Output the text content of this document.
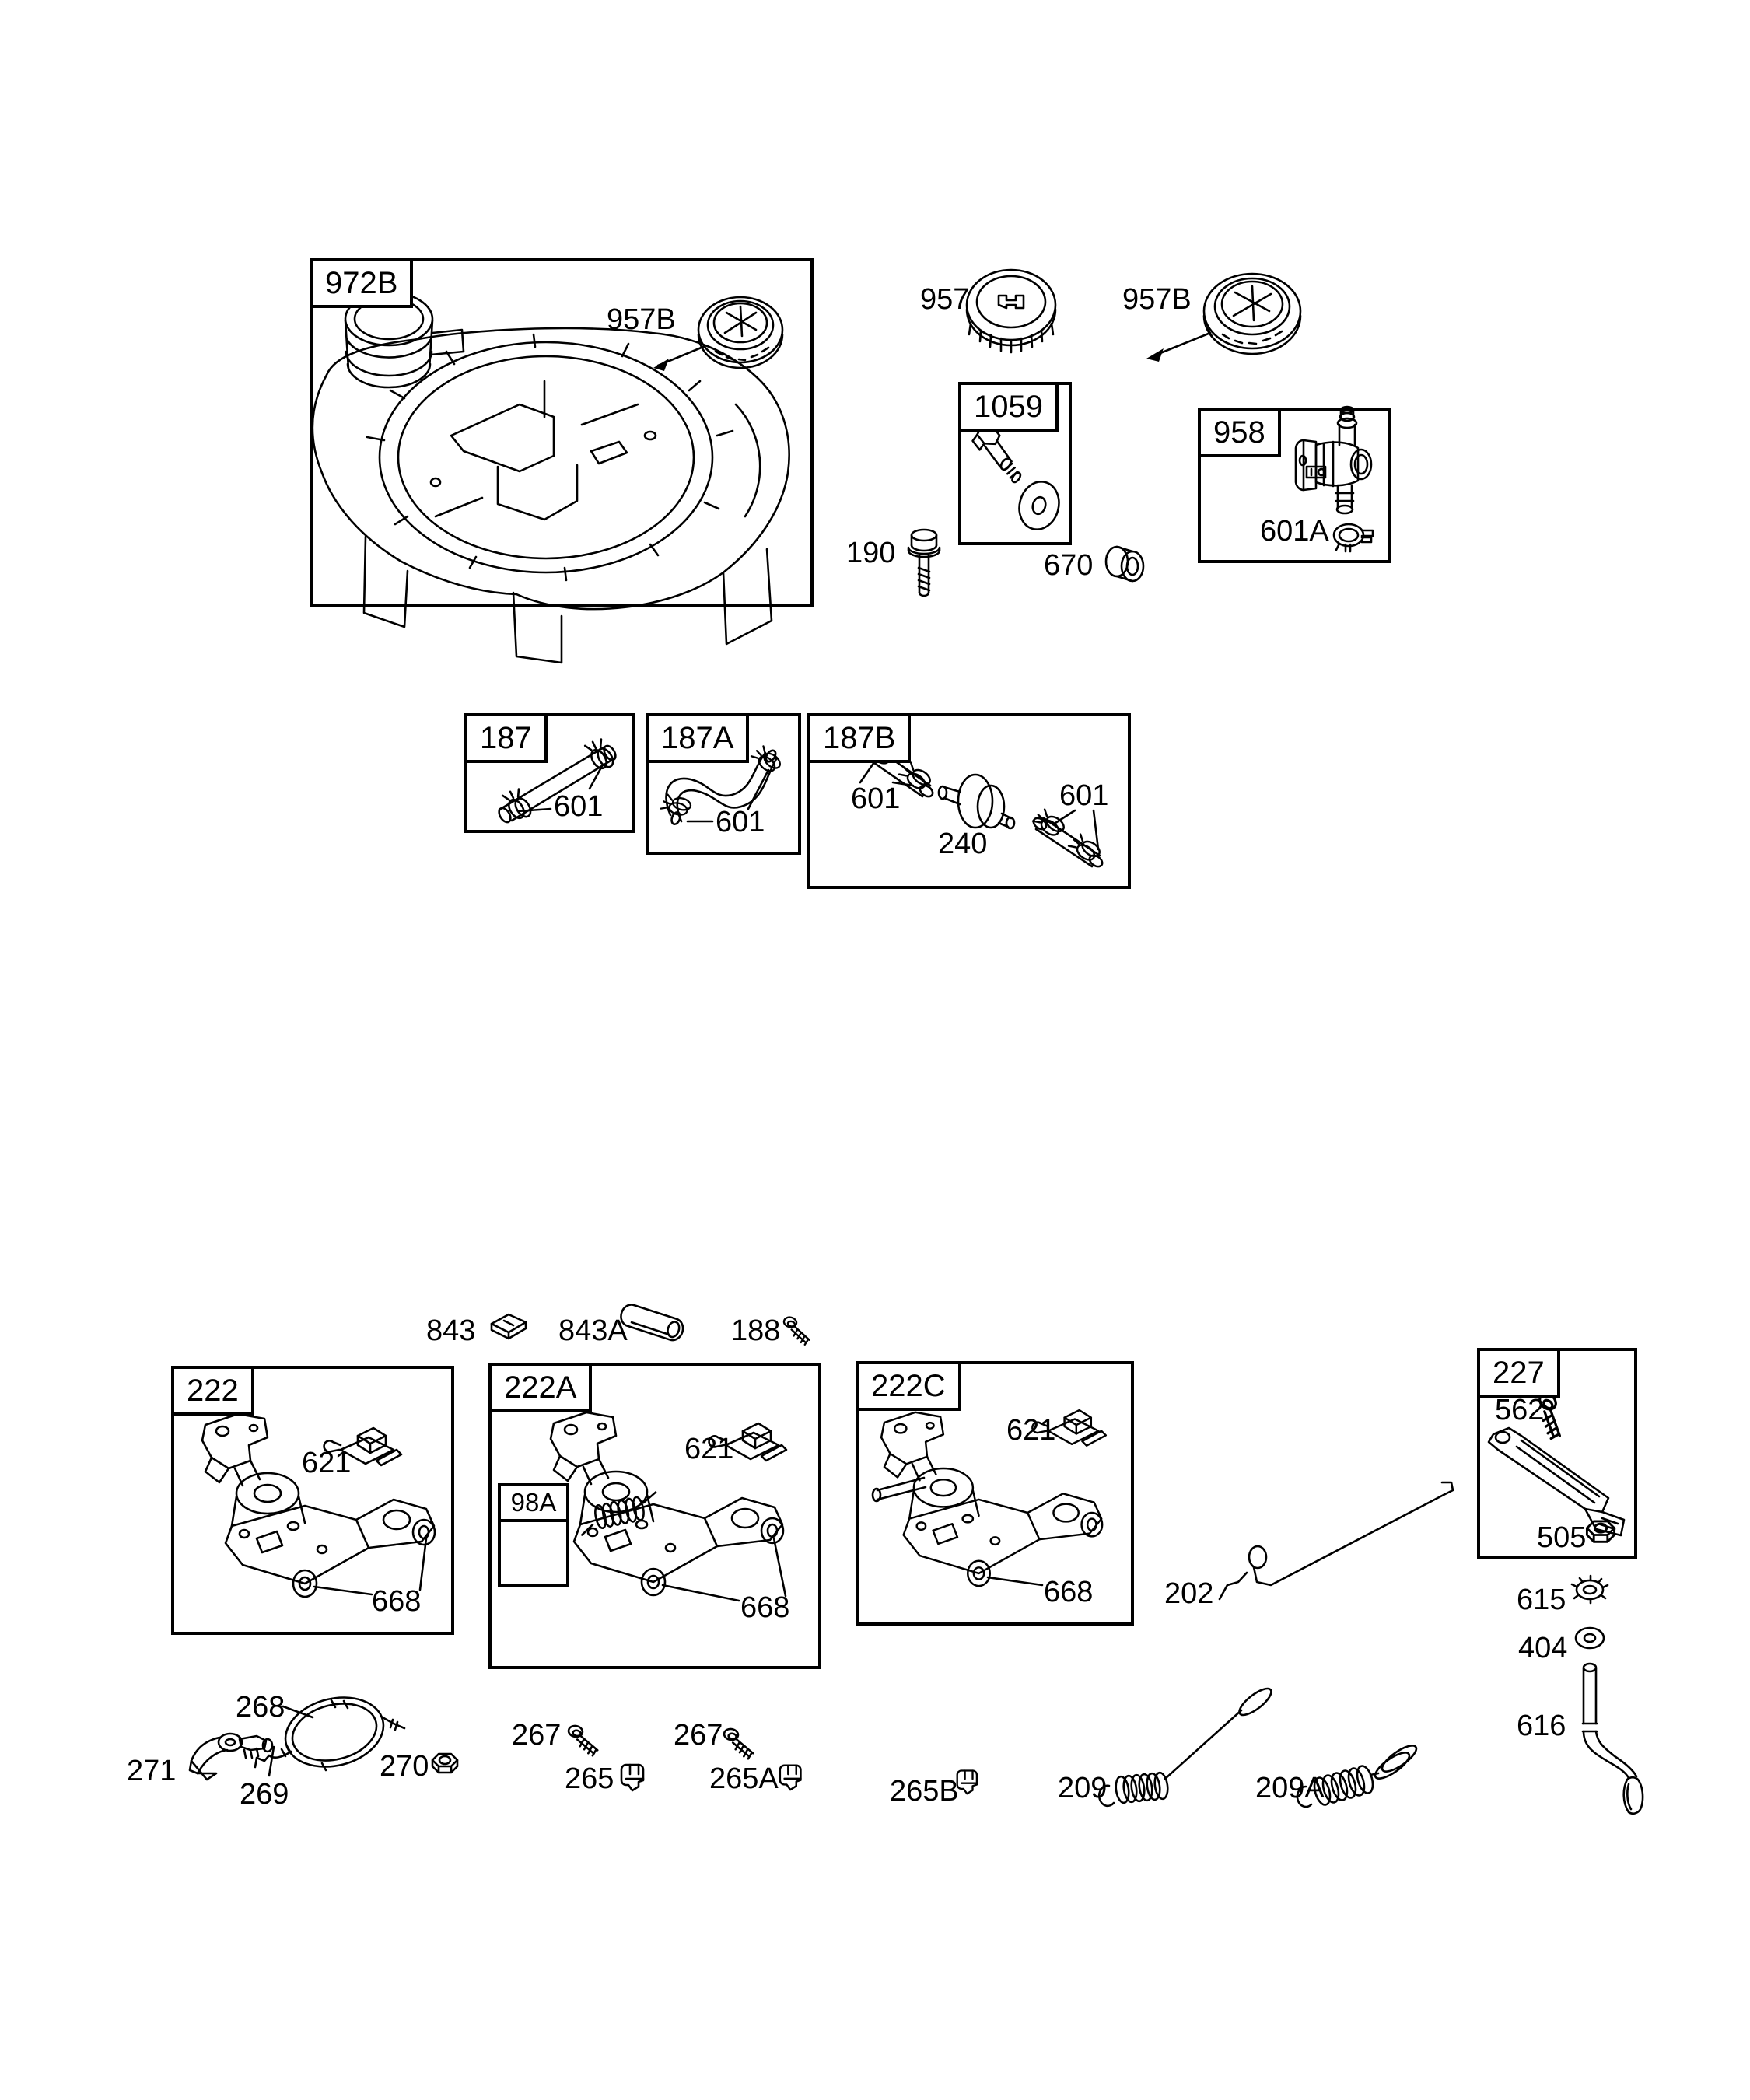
972B
1059
958
187	187A	187B
222	222A
98A
222C	227
957B
957	957B
190	670
601A
601	601
601	601
240
843	843A	188
621
668
621
668
621
668
562
505
202	615
404
616
268
271
269
270
267
265
267
265A	265B	209	209A
